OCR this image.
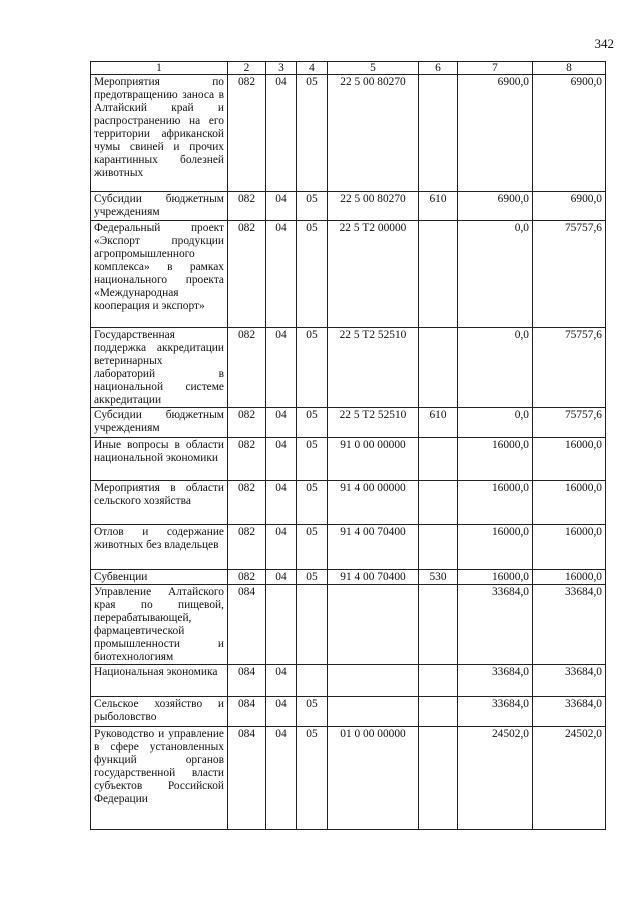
342
1	2	3	4	5	6	7	8
Мероприятия по предотвращению заноса в Алтайский край и распространению на его территории африканской чумы свиней и прочих карантинных болезней животных	082	04	05	22 5 00 80270		6900,0	6900,0
Субсидии бюджетным учреждениям	082	04	05	22 5 00 80270	610	6900,0	6900,0
Федеральный проект «Экспорт продукции агропромышленного комплекса» в рамках национального проекта «Международная кооперация и экспорт»	082	04	05	22 5 Т2 00000		0,0	75757,6
Государственная поддержка аккредитации ветеринарных лабораторий в национальной системе аккредитации	082	04	05	22 5 Т2 52510		0,0	75757,6
Субсидии бюджетным учреждениям	082	04	05	22 5 Т2 52510	610	0,0	75757,6
Иные вопросы в области национальной экономики	082	04	05	91 0 00 00000		16000,0	16000,0
Мероприятия в области сельского хозяйства	082	04	05	91 4 00 00000		16000,0	16000,0
Отлов и содержание животных без владельцев	082	04	05	91 4 00 70400		16000,0	16000,0
Субвенции	082	04	05	91 4 00 70400	530	16000,0	16000,0
Управление Алтайского края по пищевой, перерабатывающей, фармацевтической промышленности и биотехнологиям	084					33684,0	33684,0
Национальная экономика	084	04				33684,0	33684,0
Сельское хозяйство и рыболовство	084	04	05			33684,0	33684,0
Руководство и управление в сфере установленных функций органов государственной власти субъектов Российской Федерации	084	04	05	01 0 00 00000		24502,0	24502,0
